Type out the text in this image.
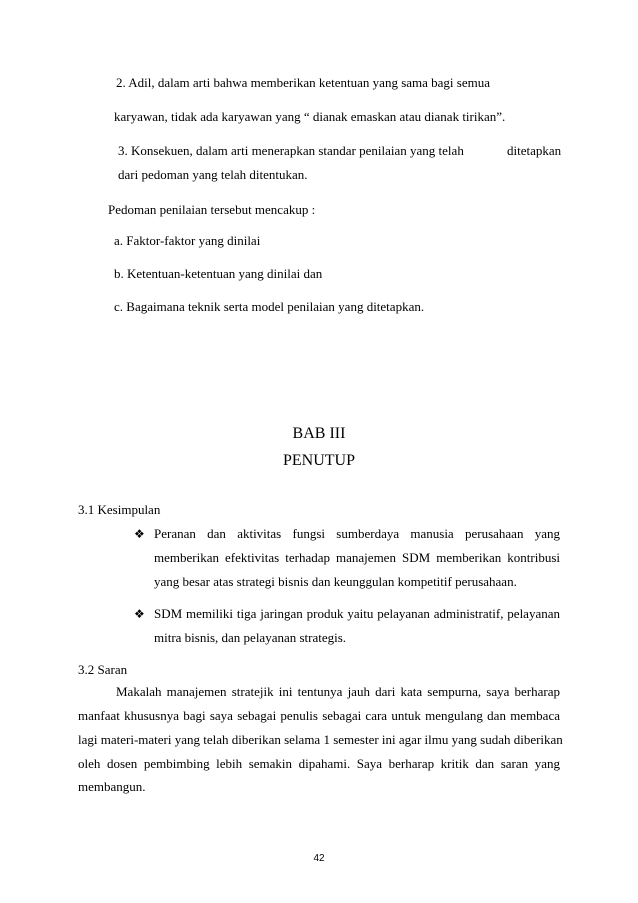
2. Adil, dalam arti bahwa memberikan ketentuan yang sama bagi semua
karyawan, tidak ada karyawan yang “ dianak emaskan atau dianak tirikan”.
3. Konsekuen, dalam arti menerapkan standar penilaian yang telah	ditetapkan
dari pedoman yang telah ditentukan.
Pedoman penilaian tersebut mencakup :
a. Faktor-faktor yang dinilai
b. Ketentuan-ketentuan yang dinilai dan
c. Bagaimana teknik serta model penilaian yang ditetapkan.
BAB III
PENUTUP
3.1 Kesimpulan
❖ Peranan dan aktivitas fungsi sumberdaya manusia perusahaan yang
memberikan efektivitas terhadap manajemen SDM memberikan kontribusi
yang besar atas strategi bisnis dan keunggulan kompetitif perusahaan.
❖ SDM memiliki tiga jaringan produk yaitu pelayanan administratif, pelayanan
mitra bisnis, dan pelayanan strategis.
3.2 Saran
Makalah manajemen stratejik ini tentunya jauh dari kata sempurna, saya berharap
manfaat khususnya bagi saya sebagai penulis sebagai cara untuk mengulang dan membaca
lagi materi-materi yang telah diberikan selama 1 semester ini agar ilmu yang sudah diberikan
oleh dosen pembimbing lebih semakin dipahami. Saya berharap kritik dan saran yang
membangun.
42
